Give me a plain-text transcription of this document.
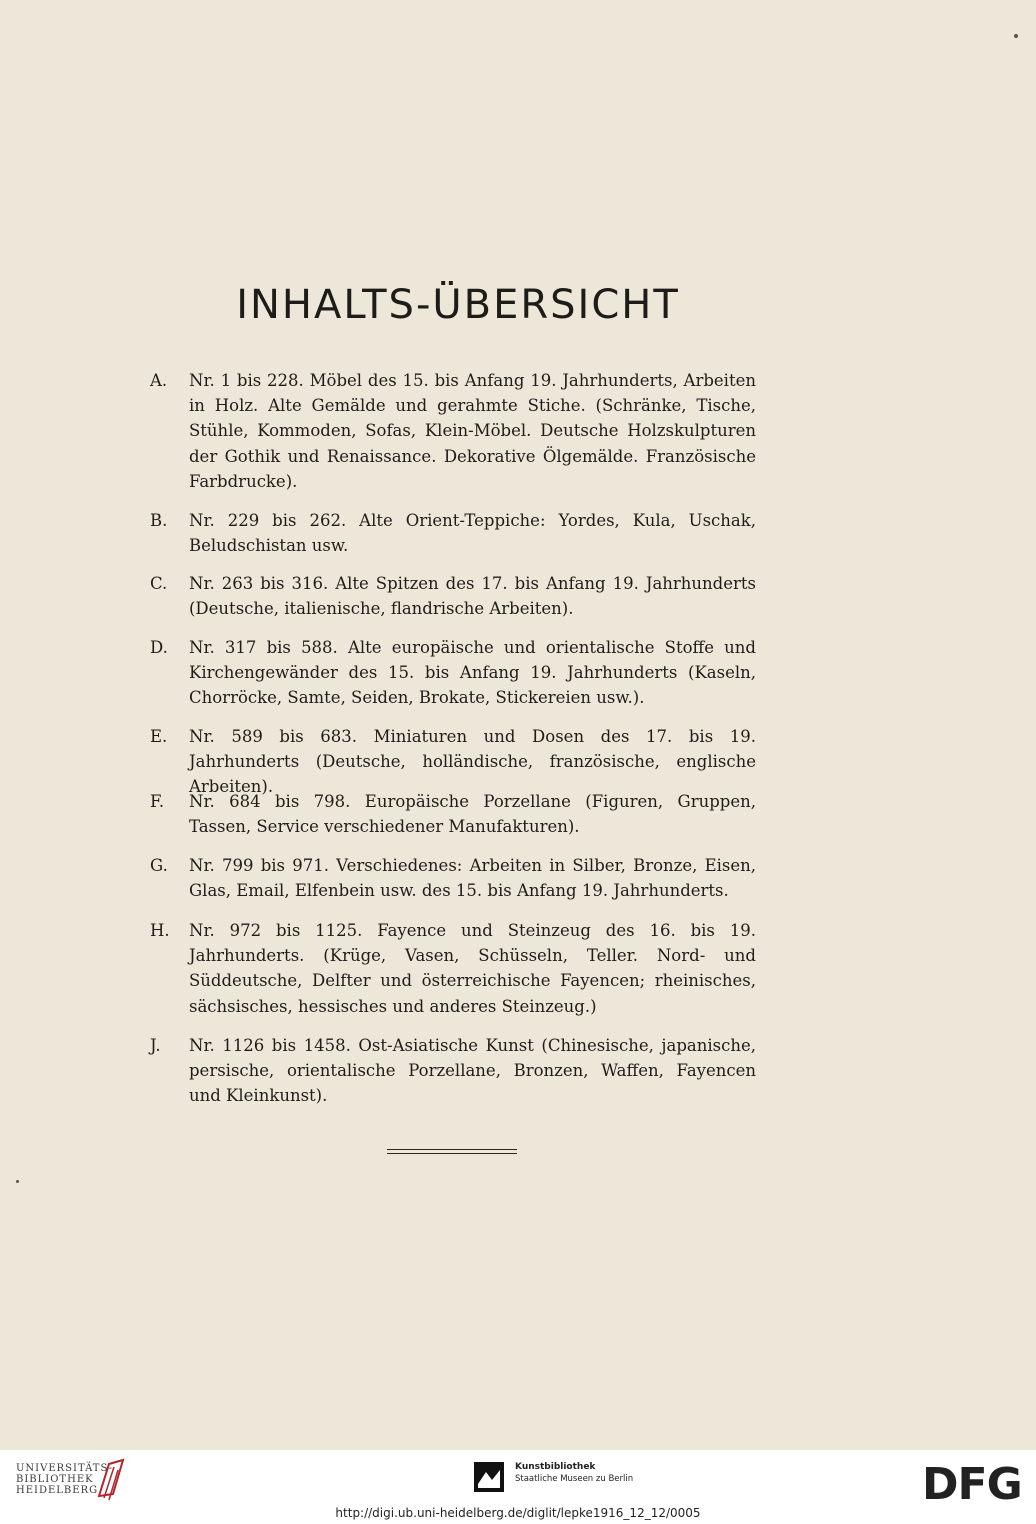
INHALTS-ÜBERSICHT
A.	Nr. 1 bis 228. Möbel des 15. bis Anfang 19. Jahrhunderts, Arbeiten in Holz. Alte Gemälde und gerahmte Stiche. (Schränke, Tische, Stühle, Kommoden, Sofas, Klein-Möbel. Deutsche Holzskulpturen der Gothik und Renaissance. Dekorative Ölgemälde. Französische Farbdrucke).
B.	Nr. 229 bis 262. Alte Orient-Teppiche: Yordes, Kula, Uschak, Beludschistan usw.
C.	Nr. 263 bis 316. Alte Spitzen des 17. bis Anfang 19. Jahrhunderts (Deutsche, italienische, flandrische Arbeiten).
D.	Nr. 317 bis 588. Alte europäische und orientalische Stoffe und Kirchengewänder des 15. bis Anfang 19. Jahrhunderts (Kaseln, Chorröcke, Samte, Seiden, Brokate, Stickereien usw.).
E.	Nr. 589 bis 683. Miniaturen und Dosen des 17. bis 19. Jahrhunderts (Deutsche, holländische, französische, englische Arbeiten).
F.	Nr. 684 bis 798. Europäische Porzellane (Figuren, Gruppen, Tassen, Service verschiedener Manufakturen).
G.	Nr. 799 bis 971. Verschiedenes: Arbeiten in Silber, Bronze, Eisen, Glas, Email, Elfenbein usw. des 15. bis Anfang 19. Jahrhunderts.
H.	Nr. 972 bis 1125. Fayence und Steinzeug des 16. bis 19. Jahrhunderts. (Krüge, Vasen, Schüsseln, Teller. Nord- und Süddeutsche, Delfter und österreichische Fayencen; rheinisches, sächsisches, hessisches und anderes Steinzeug.)
J.	Nr. 1126 bis 1458. Ost-Asiatische Kunst (Chinesische, japanische, persische, orientalische Porzellane, Bronzen, Waffen, Fayencen und Kleinkunst).
UNIVERSITÄTS-
BIBLIOTHEK
HEIDELBERG
Kunstbibliothek
Staatliche Museen zu Berlin	DFG
http://digi.ub.uni-heidelberg.de/diglit/lepke1916_12_12/0005
